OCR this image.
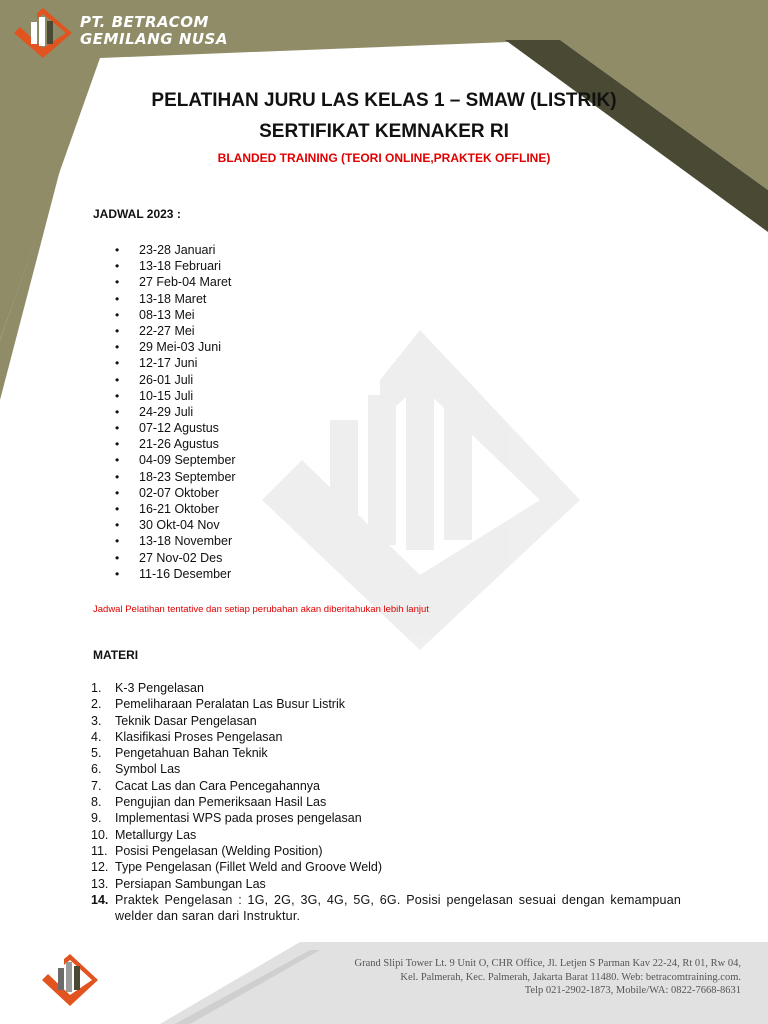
PT. BETRACOM
GEMILANG NUSA
PELATIHAN JURU LAS KELAS 1 – SMAW (LISTRIK)
SERTIFIKAT KEMNAKER RI
BLANDED TRAINING (TEORI ONLINE,PRAKTEK OFFLINE)
JADWAL 2023 :
• 23-28 Januari
• 13-18 Februari
• 27 Feb-04 Maret
• 13-18 Maret
• 08-13 Mei
• 22-27 Mei
• 29 Mei-03 Juni
• 12-17 Juni
• 26-01 Juli
• 10-15 Juli
• 24-29 Juli
• 07-12 Agustus
• 21-26 Agustus
• 04-09 September
• 18-23 September
• 02-07 Oktober
• 16-21 Oktober
• 30 Okt-04 Nov
• 13-18 November
• 27 Nov-02 Des
• 11-16 Desember
Jadwal Pelatihan tentative dan setiap perubahan akan diberitahukan lebih lanjut
MATERI
1. K-3 Pengelasan
2. Pemeliharaan Peralatan Las Busur Listrik
3. Teknik Dasar Pengelasan
4. Klasifikasi Proses Pengelasan
5. Pengetahuan Bahan Teknik
6. Symbol Las
7. Cacat Las dan Cara Pencegahannya
8. Pengujian dan Pemeriksaan Hasil Las
9. Implementasi WPS pada proses pengelasan
10. Metallurgy Las
11. Posisi Pengelasan (Welding Position)
12. Type Pengelasan (Fillet Weld and Groove Weld)
13. Persiapan Sambungan Las
14. Praktek Pengelasan : 1G, 2G, 3G, 4G, 5G, 6G. Posisi pengelasan sesuai dengan kemampuan welder dan saran dari Instruktur.
Grand Slipi Tower Lt. 9 Unit O, CHR Office, Jl. Letjen S Parman Kav 22-24, Rt 01, Rw 04,
Kel. Palmerah, Kec. Palmerah, Jakarta Barat 11480. Web: betracomtraining.com.
Telp 021-2902-1873, Mobile/WA: 0822-7668-8631
